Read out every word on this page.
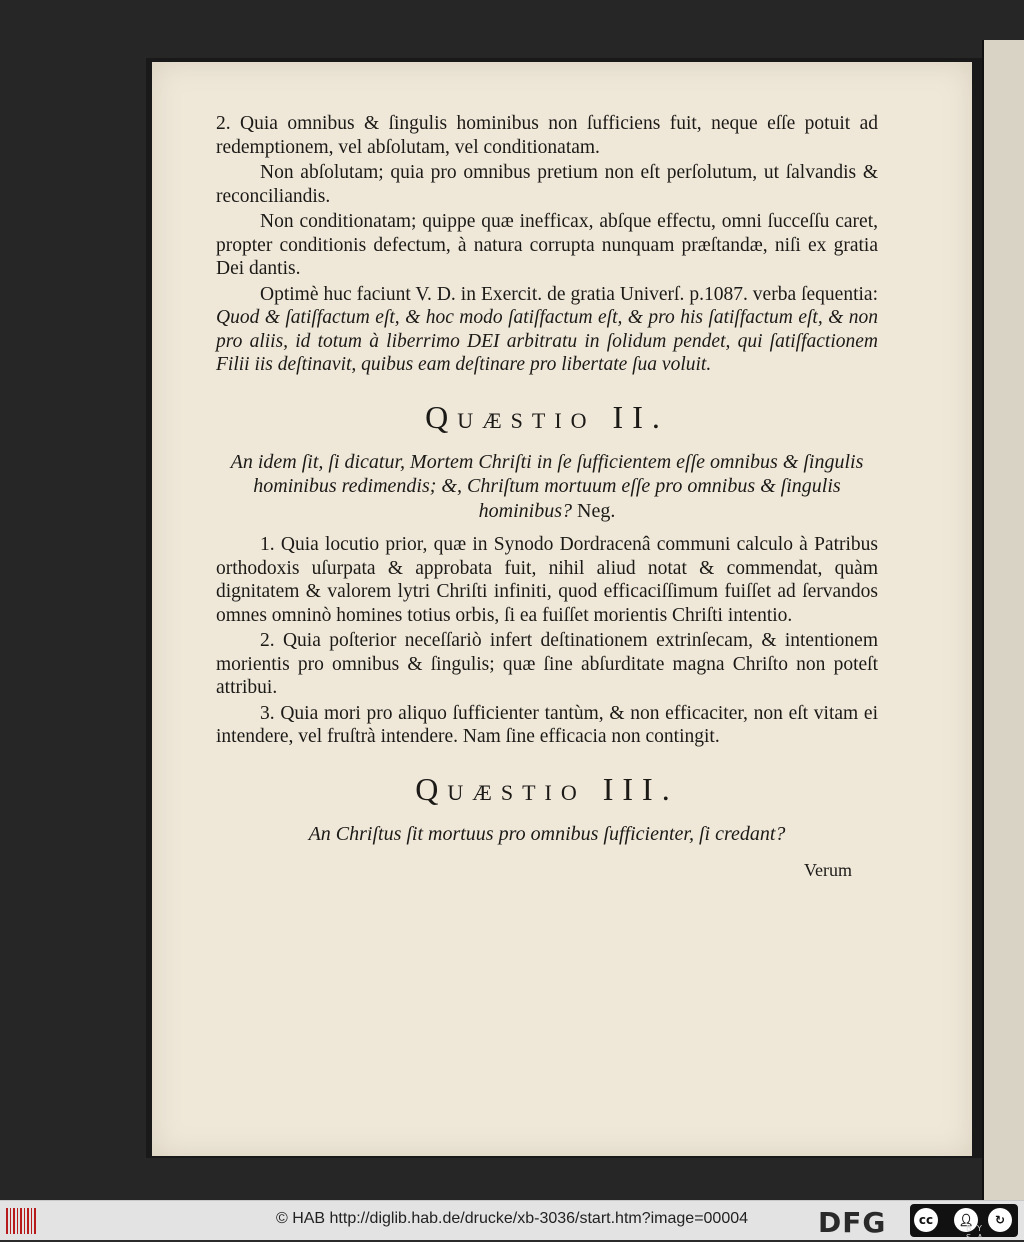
2. Quia omnibus & ſingulis hominibus non ſufficiens fuit, neque eſſe potuit ad redemptionem, vel abſolutam, vel conditionatam.

Non abſolutam; quia pro omnibus pretium non eſt perſolutum, ut ſalvandis & reconciliandis.

Non conditionatam; quippe quæ inefficax, abſque effectu, omni ſucceſſu caret, propter conditionis defectum, à natura corrupta nunquam præſtandæ, niſi ex gratia Dei dantis.

Optimè huc faciunt V. D. in Exercit. de gratia Univerſ. p.1087. verba ſequentia: Quod & ſatiſfactum eſt, & hoc modo ſatiſfactum eſt, & pro his ſatiſfactum eſt, & non pro aliis, id totum à liberrimo DEI arbitratu in ſolidum pendet, qui ſatiſfactionem Filii iis deſtinavit, quibus eam deſtinare pro libertate ſua voluit.

Quæstio II.

An idem ſit, ſi dicatur, Mortem Chriſti in ſe ſufficientem eſſe omnibus & ſingulis hominibus redimendis; &, Chriſtum mortuum eſſe pro omnibus & ſingulis hominibus? Neg.

1. Quia locutio prior, quæ in Synodo Dordracenâ communi calculo à Patribus orthodoxis uſurpata & approbata fuit, nihil aliud notat & commendat, quàm dignitatem & valorem lytri Chriſti infiniti, quod efficaciſſimum fuiſſet ad ſervandos omnes omninò homines totius orbis, ſi ea fuiſſet morientis Chriſti intentio.

2. Quia poſterior neceſſariò infert deſtinationem extrinſecam, & intentionem morientis pro omnibus & ſingulis; quæ ſine abſurditate magna Chriſto non poteſt attribui.

3. Quia mori pro aliquo ſufficienter tantùm, & non efficaciter, non eſt vitam ei intendere, vel fruſtrà intendere. Nam ſine efficacia non contingit.

Quæstio III.

An Chriſtus ſit mortuus pro omnibus ſufficienter, ſi credant?

Verum
© HAB http://diglib.hab.de/drucke/xb-3036/start.htm?image=00004	DFG	cc	👤︎	↻
BY SA
